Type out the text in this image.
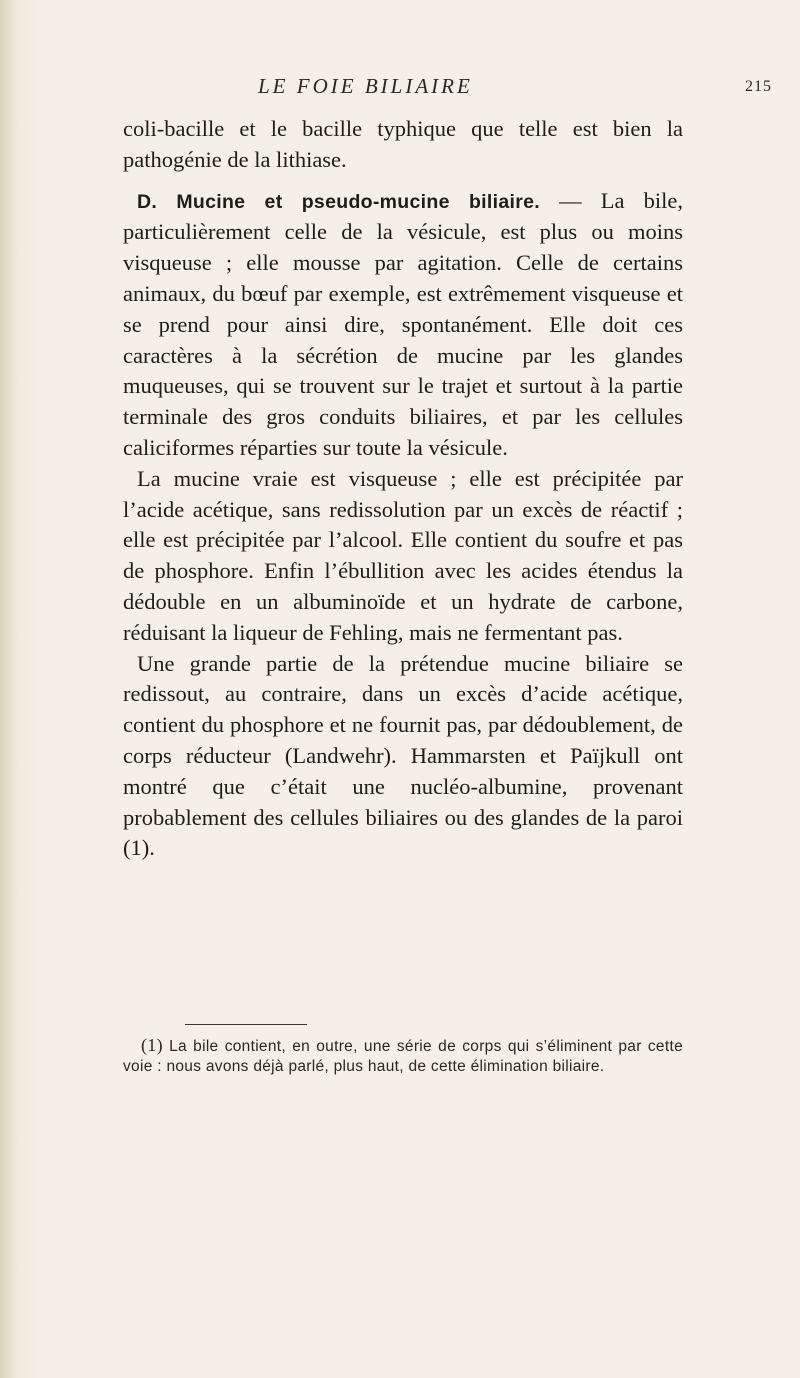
LE FOIE BILIAIRE	215

coli-bacille et le bacille typhique que telle est bien la pathogénie de la lithiase.

D. Mucine et pseudo-mucine biliaire. — La bile, particulièrement celle de la vésicule, est plus ou moins visqueuse ; elle mousse par agitation. Celle de certains animaux, du bœuf par exemple, est extrêmement visqueuse et se prend pour ainsi dire, spontanément. Elle doit ces caractères à la sécrétion de mucine par les glandes muqueuses, qui se trouvent sur le trajet et surtout à la partie terminale des gros conduits biliaires, et par les cellules caliciformes réparties sur toute la vésicule.

La mucine vraie est visqueuse ; elle est précipitée par l’acide acétique, sans redissolution par un excès de réactif ; elle est précipitée par l’alcool. Elle contient du soufre et pas de phosphore. Enfin l’ébullition avec les acides étendus la dédouble en un albuminoïde et un hydrate de carbone, réduisant la liqueur de Fehling, mais ne fermentant pas.

Une grande partie de la prétendue mucine biliaire se redissout, au contraire, dans un excès d’acide acétique, contient du phosphore et ne fournit pas, par dédoublement, de corps réducteur (Landwehr). Hammarsten et Païjkull ont montré que c’était une nucléo-albumine, provenant probablement des cellules biliaires ou des glandes de la paroi (1).

(1) La bile contient, en outre, une série de corps qui s’éliminent par cette voie : nous avons déjà parlé, plus haut, de cette élimination biliaire.
